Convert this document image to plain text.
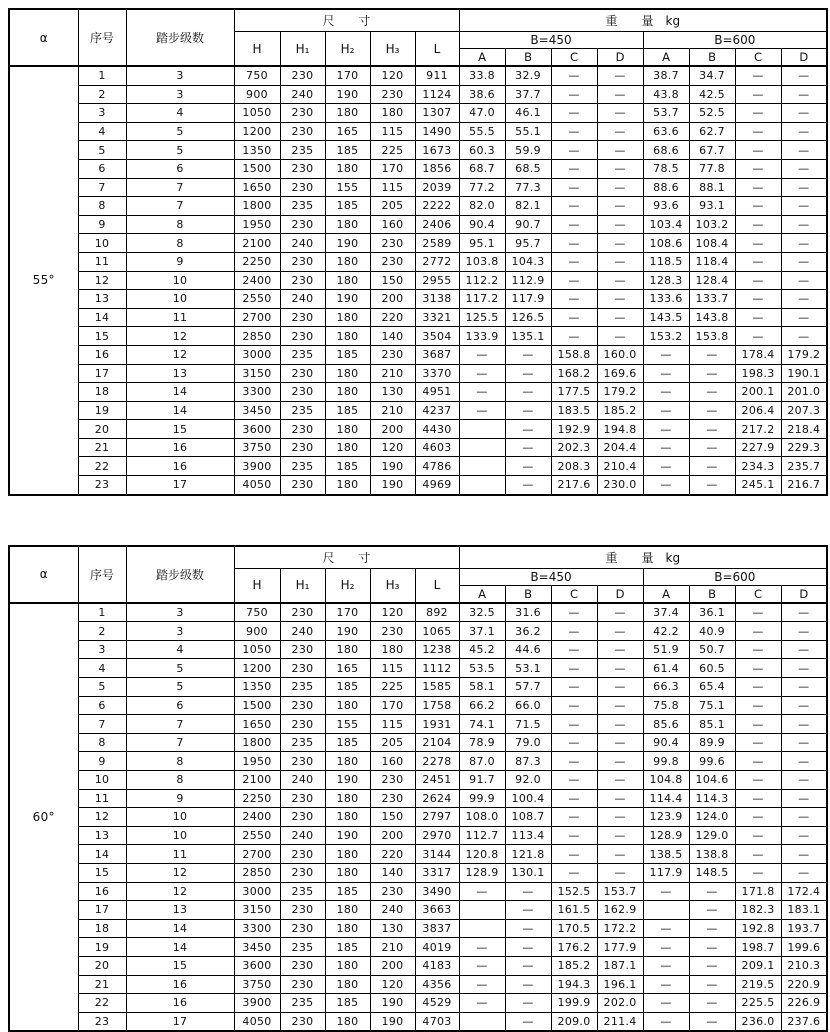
α	序号	踏步级数	尺　　寸					重　　量　kg							
			H	H₁	H₂	H₃	L	B=450				B=600			
								A	B	C	D	A	B	C	D
55°	1	3	750	230	170	120	911	33.8	32.9	—	—	38.7	34.7	—	—
	2	3	900	240	190	230	1124	38.6	37.7	—	—	43.8	42.5	—	—
	3	4	1050	230	180	180	1307	47.0	46.1	—	—	53.7	52.5	—	—
	4	5	1200	230	165	115	1490	55.5	55.1	—	—	63.6	62.7	—	—
	5	5	1350	235	185	225	1673	60.3	59.9	—	—	68.6	67.7	—	—
	6	6	1500	230	180	170	1856	68.7	68.5	—	—	78.5	77.8	—	—
	7	7	1650	230	155	115	2039	77.2	77.3	—	—	88.6	88.1	—	—
	8	7	1800	235	185	205	2222	82.0	82.1	—	—	93.6	93.1	—	—
	9	8	1950	230	180	160	2406	90.4	90.7	—	—	103.4	103.2	—	—
	10	8	2100	240	190	230	2589	95.1	95.7	—	—	108.6	108.4	—	—
	11	9	2250	230	180	230	2772	103.8	104.3	—	—	118.5	118.4	—	—
	12	10	2400	230	180	150	2955	112.2	112.9	—	—	128.3	128.4	—	—
	13	10	2550	240	190	200	3138	117.2	117.9	—	—	133.6	133.7	—	—
	14	11	2700	230	180	220	3321	125.5	126.5	—	—	143.5	143.8	—	—
	15	12	2850	230	180	140	3504	133.9	135.1	—	—	153.2	153.8	—	—
	16	12	3000	235	185	230	3687	—	—	158.8	160.0	—	—	178.4	179.2
	17	13	3150	230	180	210	3370	—	—	168.2	169.6	—	—	198.3	190.1
	18	14	3300	230	180	130	4951	—	—	177.5	179.2	—	—	200.1	201.0
	19	14	3450	235	185	210	4237	—	—	183.5	185.2	—	—	206.4	207.3
	20	15	3600	230	180	200	4430		—	192.9	194.8	—	—	217.2	218.4
	21	16	3750	230	180	120	4603		—	202.3	204.4	—	—	227.9	229.3
	22	16	3900	235	185	190	4786		—	208.3	210.4	—	—	234.3	235.7
	23	17	4050	230	180	190	4969		—	217.6	230.0	—	—	245.1	216.7
α	序号	踏步级数	尺　　寸					重　　量　kg							
			H	H₁	H₂	H₃	L	B=450				B=600			
								A	B	C	D	A	B	C	D
60°	1	3	750	230	170	120	892	32.5	31.6	—	—	37.4	36.1	—	—
	2	3	900	240	190	230	1065	37.1	36.2	—	—	42.2	40.9	—	—
	3	4	1050	230	180	180	1238	45.2	44.6	—	—	51.9	50.7	—	—
	4	5	1200	230	165	115	1112	53.5	53.1	—	—	61.4	60.5	—	—
	5	5	1350	235	185	225	1585	58.1	57.7	—	—	66.3	65.4	—	—
	6	6	1500	230	180	170	1758	66.2	66.0	—	—	75.8	75.1	—	—
	7	7	1650	230	155	115	1931	74.1	71.5	—	—	85.6	85.1	—	—
	8	7	1800	235	185	205	2104	78.9	79.0	—	—	90.4	89.9	—	—
	9	8	1950	230	180	160	2278	87.0	87.3	—	—	99.8	99.6	—	—
	10	8	2100	240	190	230	2451	91.7	92.0	—	—	104.8	104.6	—	—
	11	9	2250	230	180	230	2624	99.9	100.4	—	—	114.4	114.3	—	—
	12	10	2400	230	180	150	2797	108.0	108.7	—	—	123.9	124.0	—	—
	13	10	2550	240	190	200	2970	112.7	113.4	—	—	128.9	129.0	—	—
	14	11	2700	230	180	220	3144	120.8	121.8	—	—	138.5	138.8	—	—
	15	12	2850	230	180	140	3317	128.9	130.1	—	—	117.9	148.5	—	—
	16	12	3000	235	185	230	3490	—	—	152.5	153.7	—	—	171.8	172.4
	17	13	3150	230	180	240	3663		—	161.5	162.9		—	182.3	183.1
	18	14	3300	230	180	130	3837		—	170.5	172.2	—	—	192.8	193.7
	19	14	3450	235	185	210	4019	—	—	176.2	177.9	—	—	198.7	199.6
	20	15	3600	230	180	200	4183	—	—	185.2	187.1	—	—	209.1	210.3
	21	16	3750	230	180	120	4356	—	—	194.3	196.1	—	—	219.5	220.9
	22	16	3900	235	185	190	4529	—	—	199.9	202.0	—	—	225.5	226.9
	23	17	4050	230	180	190	4703		—	209.0	211.4	—	—	236.0	237.6
